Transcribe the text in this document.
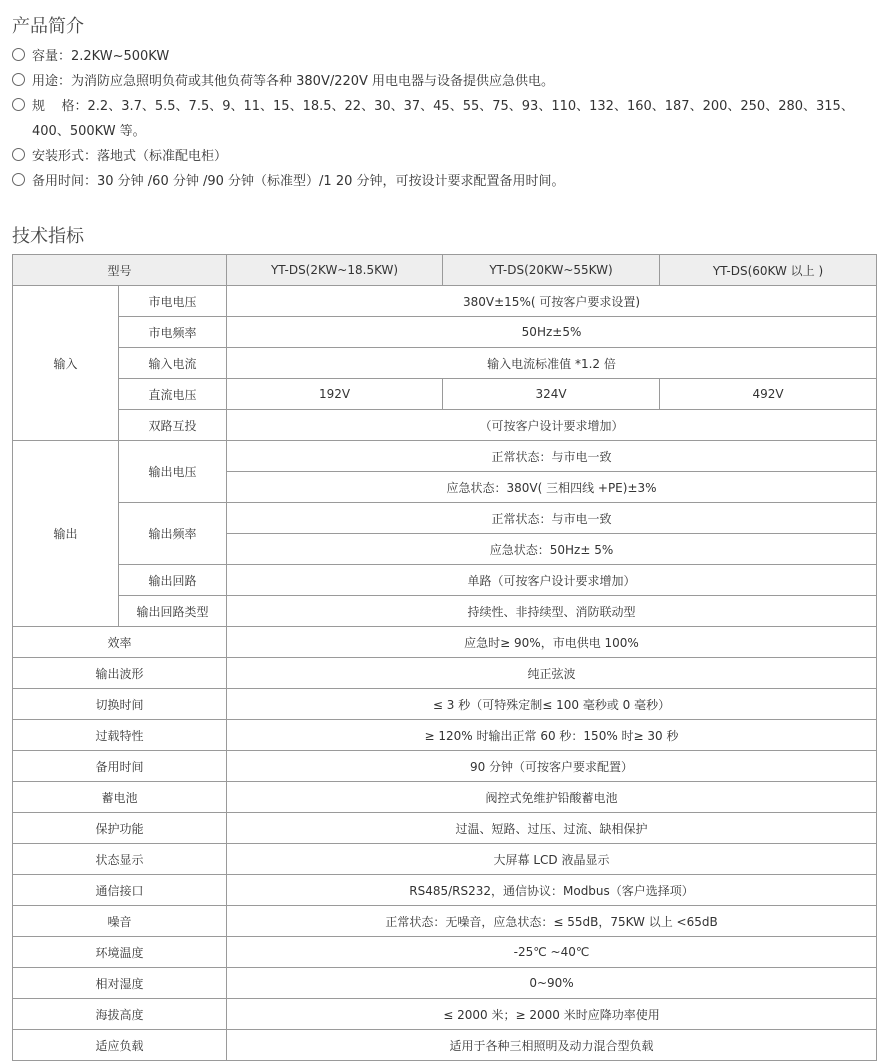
产品简介
容量：2.2KW~500KW
用途：为消防应急照明负荷或其他负荷等各种 380V/220V 用电电器与设备提供应急供电。
规    格：2.2、3.7、5.5、7.5、9、11、15、18.5、22、30、37、45、55、75、93、110、132、160、187、200、250、280、315、
400、500KW 等。
安装形式：落地式（标准配电柜）
备用时间：30 分钟 /60 分钟 /90 分钟（标准型）/1 20 分钟，可按设计要求配置备用时间。
技术指标
型号		YT-DS(2KW~18.5KW)	YT-DS(20KW~55KW)	YT-DS(60KW 以上 )
输入	市电电压	380V±15%( 可按客户要求设置)		
	市电频率	50Hz±5%		
	输入电流	输入电流标准值 *1.2 倍		
	直流电压	192V	324V	492V
	双路互投	（可按客户设计要求增加）		
输出	输出电压	正常状态：与市电一致		
		应急状态：380V( 三相四线 +PE)±3%		
	输出频率	正常状态：与市电一致		
		应急状态：50Hz± 5%		
	输出回路	单路（可按客户设计要求增加）		
	输出回路类型	持续性、非持续型、消防联动型		
效率		应急时≥ 90%，市电供电 100%		
输出波形		纯正弦波		
切换时间		≤ 3 秒（可特殊定制≤ 100 毫秒或 0 毫秒）		
过载特性		≥ 120% 时输出正常 60 秒：150% 时≥ 30 秒		
备用时间		90 分钟（可按客户要求配置）		
蓄电池		阀控式免维护铅酸蓄电池		
保护功能		过温、短路、过压、过流、缺相保护		
状态显示		大屏幕 LCD 液晶显示		
通信接口		RS485/RS232，通信协议：Modbus（客户选择项）		
噪音		正常状态：无噪音，应急状态：≤ 55dB，75KW 以上 <65dB		
环境温度		-25℃ ~40℃		
相对湿度		0~90%		
海拔高度		≤ 2000 米；≥ 2000 米时应降功率使用		
适应负载		适用于各种三相照明及动力混合型负载		
